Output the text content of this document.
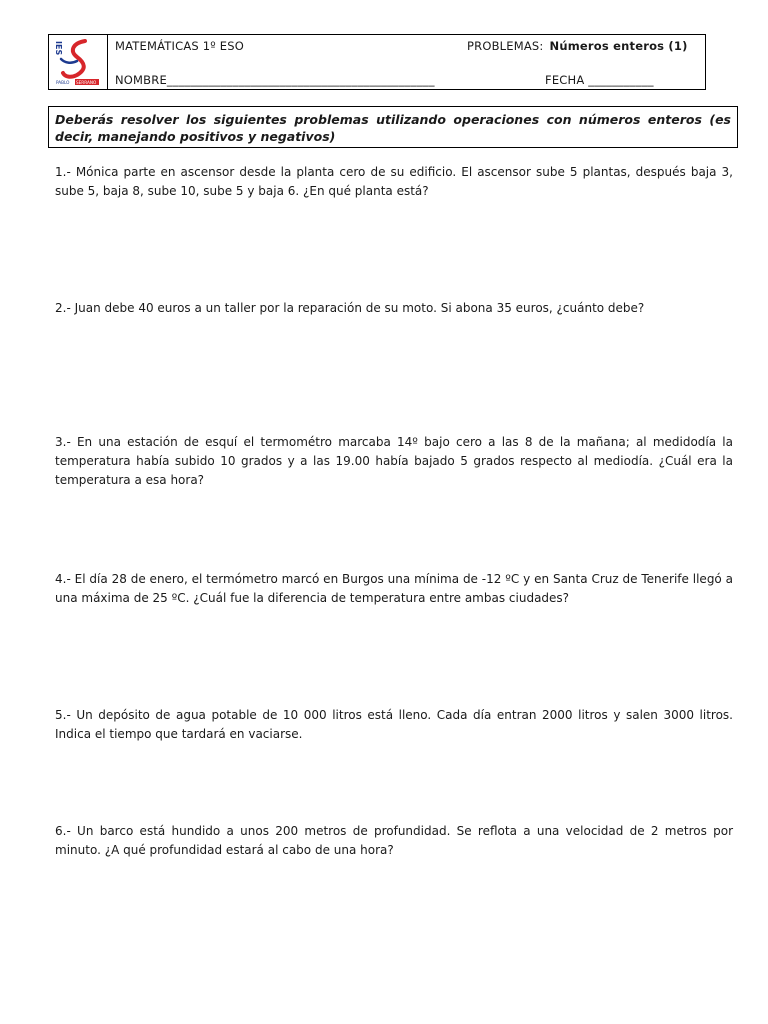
IES
PABLO SERRANO
MATEMÁTICAS 1º ESO	PROBLEMAS: Números enteros (1)
NOMBRE_____________________________________________	FECHA ___________
Deberás resolver los siguientes problemas utilizando operaciones con números enteros (es decir, manejando positivos y negativos)
1.- Mónica parte en ascensor desde la planta cero de su edificio. El ascensor sube 5 plantas, después baja 3, sube 5, baja 8, sube 10, sube 5 y baja 6. ¿En qué planta está?
2.- Juan debe 40 euros a un taller por la reparación de su moto. Si abona 35 euros, ¿cuánto debe?
3.- En una estación de esquí el termométro marcaba 14º bajo cero a las 8 de la mañana; al medidodía la temperatura había subido 10 grados y a las 19.00 había bajado 5 grados respecto al mediodía. ¿Cuál era la temperatura a esa hora?
4.- El día 28 de enero, el termómetro marcó en Burgos una mínima de -12 ºC y en Santa Cruz de Tenerife llegó a una máxima de 25 ºC. ¿Cuál fue la diferencia de temperatura entre ambas ciudades?
5.- Un depósito de agua potable de 10 000 litros está lleno. Cada día entran 2000 litros y salen 3000 litros. Indica el tiempo que tardará en vaciarse.
6.- Un barco está hundido a unos 200 metros de profundidad. Se reflota a una velocidad de 2 metros por minuto. ¿A qué profundidad estará al cabo de una hora?
